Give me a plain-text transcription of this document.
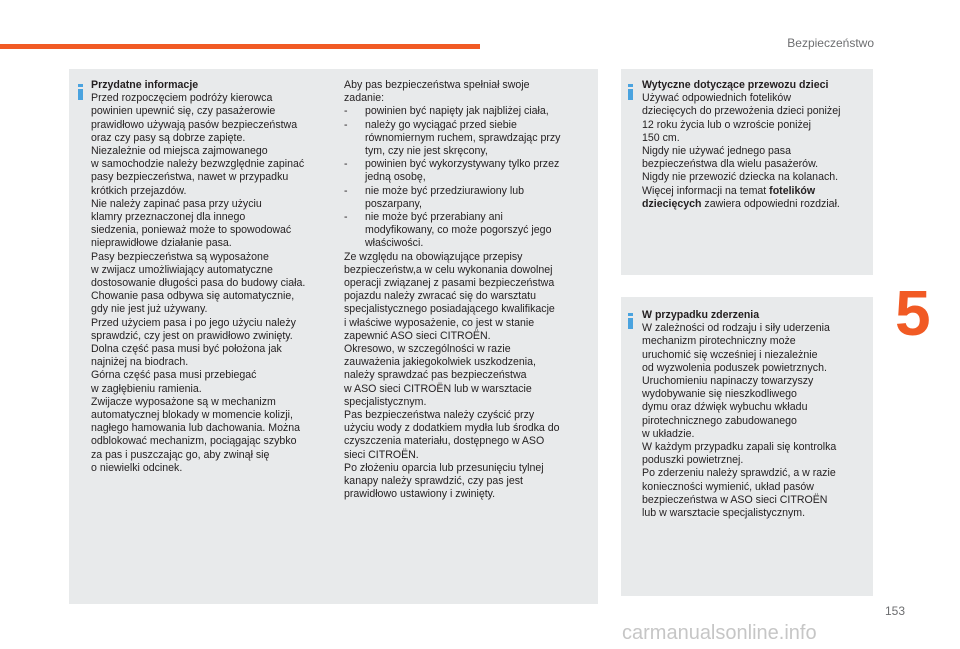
Bezpieczeństwo

Przydatne informacje

Przed rozpoczęciem podróży kierowca
powinien upewnić się, czy pasażerowie
prawidłowo używają pasów bezpieczeństwa
oraz czy pasy są dobrze zapięte.
Niezależnie od miejsca zajmowanego
w samochodzie należy bezwzględnie zapinać
pasy bezpieczeństwa, nawet w przypadku
krótkich przejazdów.
Nie należy zapinać pasa przy użyciu
klamry przeznaczonej dla innego
siedzenia, ponieważ może to spowodować
nieprawidłowe działanie pasa.
Pasy bezpieczeństwa są wyposażone
w zwijacz umożliwiający automatyczne
dostosowanie długości pasa do budowy ciała.
Chowanie pasa odbywa się automatycznie,
gdy nie jest już używany.
Przed użyciem pasa i po jego użyciu należy
sprawdzić, czy jest on prawidłowo zwinięty.
Dolna część pasa musi być położona jak
najniżej na biodrach.
Górna część pasa musi przebiegać
w zagłębieniu ramienia.
Zwijacze wyposażone są w mechanizm
automatycznej blokady w momencie kolizji,
nagłego hamowania lub dachowania. Można
odblokować mechanizm, pociągając szybko
za pas i puszczając go, aby zwinął się
o niewielki odcinek.

Aby pas bezpieczeństwa spełniał swoje
zadanie:

- powinien być napięty jak najbliżej ciała,
- należy go wyciągać przed siebie
równomiernym ruchem, sprawdzając przy
tym, czy nie jest skręcony,
- powinien być wykorzystywany tylko przez
jedną osobę,
- nie może być przedziurawiony lub
poszarpany,
- nie może być przerabiany ani
modyfikowany, co może pogorszyć jego
właściwości.

Ze względu na obowiązujące przepisy
bezpieczeństw,a w celu wykonania dowolnej
operacji związanej z pasami bezpieczeństwa
pojazdu należy zwracać się do warsztatu
specjalistycznego posiadającego kwalifikacje
i właściwe wyposażenie, co jest w stanie
zapewnić ASO sieci CITROËN.
Okresowo, w szczególności w razie
zauważenia jakiegokolwiek uszkodzenia,
należy sprawdzać pas bezpieczeństwa
w ASO sieci CITROËN lub w warsztacie
specjalistycznym.
Pas bezpieczeństwa należy czyścić przy
użyciu wody z dodatkiem mydła lub środka do
czyszczenia materiału, dostępnego w ASO
sieci CITROËN.
Po złożeniu oparcia lub przesunięciu tylnej
kanapy należy sprawdzić, czy pas jest
prawidłowo ustawiony i zwinięty.

Wytyczne dotyczące przewozu dzieci

Używać odpowiednich fotelików
dziecięcych do przewożenia dzieci poniżej
12 roku życia lub o wzroście poniżej
150 cm.
Nigdy nie używać jednego pasa
bezpieczeństwa dla wielu pasażerów.
Nigdy nie przewozić dziecka na kolanach.
Więcej informacji na temat fotelików
dziecięcych zawiera odpowiedni rozdział.

W przypadku zderzenia

W zależności od rodzaju i siły uderzenia
mechanizm pirotechniczny może
uruchomić się wcześniej i niezależnie
od wyzwolenia poduszek powietrznych.
Uruchomieniu napinaczy towarzyszy
wydobywanie się nieszkodliwego
dymu oraz dźwięk wybuchu wkładu
pirotechnicznego zabudowanego
w układzie.
W każdym przypadku zapali się kontrolka
poduszki powietrznej.
Po zderzeniu należy sprawdzić, a w razie
konieczności wymienić, układ pasów
bezpieczeństwa w ASO sieci CITROËN
lub w warsztacie specjalistycznym.

5
153
carmanualsonline.info
